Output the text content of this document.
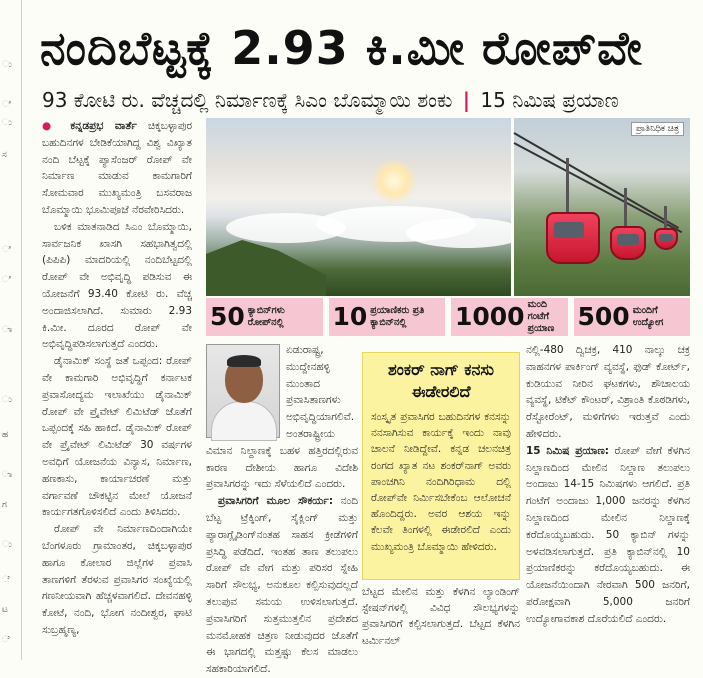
ು
ಿ
ು
ಸ
ಿ
ಿ
ಾ
ು
ಹ
ಾ
ಗ
ು
ೆ
ಟ
ೆ
ನಂದಿಬೆಟ್ಟಕ್ಕೆ 2.93 ಕಿ.ಮೀ ರೋಪ್‌ವೇ
93 ಕೋಟಿ ರು. ವೆಚ್ಚದಲ್ಲಿ ನಿರ್ಮಾಣಕ್ಕೆ ಸಿಎಂ ಬೊಮ್ಮಾಯಿ ಶಂಕು | 15 ನಿಮಿಷ ಪ್ರಯಾಣ

● ಕನ್ನಡಪ್ರಭ ವಾರ್ತೆ ಚಿಕ್ಕಬಳ್ಳಾಪುರ ಬಹುದಿನಗಳ ಬೇಡಿಕೆಯಾಗಿದ್ದ ವಿಶ್ವ ವಿಖ್ಯಾತ ನಂದಿ ಬೆಟ್ಟಕ್ಕೆ ಪ್ಯಾಸೆಂಜರ್ ರೋಪ್ ವೇ ನಿರ್ಮಾಣ ಮಾಡುವ ಕಾಮಗಾರಿಗೆ ಸೋಮವಾರ ಮುಖ್ಯಮಂತ್ರಿ ಬಸವರಾಜ ಬೊಮ್ಮಾಯಿ ಭೂಮಿಪೂಜೆ ನೆರವೇರಿಸಿದರು.

ಬಳಿಕ ಮಾತನಾಡಿದ ಸಿಎಂ ಬೊಮ್ಮಾಯಿ, ಸಾರ್ವಜನಿಕ ಖಾಸಗಿ ಸಹಭಾಗಿತ್ವದಲ್ಲಿ (ಪಿಪಿಪಿ) ಮಾದರಿಯಲ್ಲಿ ನಂದಿಬೆಟ್ಟದಲ್ಲಿ ರೋಪ್ ವೇ ಅಭಿವೃದ್ಧಿ ಪಡಿಸುವ ಈ ಯೋಜನೆಗೆ 93.40 ಕೋಟಿ ರು. ವೆಚ್ಚ ಅಂದಾಜಿಸಲಾಗಿದೆ. ಸುಮಾರು 2.93 ಕಿ.ಮೀ. ದೂರದ ರೋಪ್ ವೇ ಅಭಿವೃದ್ಧಿಪಡಿಸಲಾಗುತ್ತದೆ ಎಂದರು.

ಡೈನಾಮಿಕ್ ಸಂಸ್ಥೆ ಜತೆ ಒಪ್ಪಂದ: ರೋಪ್ ವೇ ಕಾಮಗಾರಿ ಅಭಿವೃದ್ಧಿಗೆ ಕರ್ನಾಟಕ ಪ್ರವಾಸೋದ್ಯಮ ಇಲಾಖೆಯು ಡೈನಾಮಿಕ್ ರೋಪ್ ವೇ ಪ್ರೈವೇಟ್ ಲಿಮಿಟೆಡ್ ಜೊತೆಗೆ ಒಪ್ಪಂದಕ್ಕೆ ಸಹಿ ಹಾಕಿದೆ. ಡೈನಾಮಿಕ್ ರೋಪ್ ವೇ ಪ್ರೈವೇಟ್ ಲಿಮಿಟೆಡ್ 30 ವರ್ಷಗಳ ಅವಧಿಗೆ ಯೋಜನೆಯ ವಿನ್ಯಾಸ, ನಿರ್ಮಾಣ, ಹಣಕಾಸು, ಕಾರ್ಯಾಚರಣೆ ಮತ್ತು ವರ್ಗಾವಣೆ ಚೌಕಟ್ಟಿನ ಮೇಲೆ ಯೋಜನೆ ಕಾರ್ಯಗತಗೊಳಿಸಲಿದೆ ಎಂದು ತಿಳಿಸಿದರು.

ರೋಪ್ ವೇ ನಿರ್ಮಾಣದಿಂದಾಗಿಯೇ ಬೆಂಗಳೂರು ಗ್ರಾಮಾಂತರ, ಚಿಕ್ಕಬಳ್ಳಾಪುರ ಹಾಗೂ ಕೋಲಾರ ಜಿಲ್ಲೆಗಳ ಪ್ರವಾಸಿ ತಾಣಗಳಿಗೆ ತೆರಳುವ ಪ್ರವಾಸಿಗರ ಸಂಖ್ಯೆಯಲ್ಲಿ ಗಣನೀಯವಾಗಿ ಹೆಚ್ಚಳವಾಗಲಿದೆ. ದೇವನಹಳ್ಳಿ ಕೋಟೆ, ನಂದಿ, ಭೋಗ ನಂದೀಶ್ವರ, ಘಾಟಿ ಸುಬ್ರಹ್ಮಣ್ಯ,

ಪ್ರಾತಿನಿಧಿಕ ಚಿತ್ರ
50 ಕ್ಯಾಬಿನ್‌ಗಳು ರೋಪ್‌ನಲ್ಲಿ	10 ಪ್ರಯಾಣಿಕರು ಪ್ರತಿ ಕ್ಯಾಬಿನ್‌ನಲ್ಲಿ	1000 ಮಂದಿ ಗಂಟೆಗೆ ಪ್ರಯಾಣ 500 ಮಂದಿಗೆ ಉದ್ಯೋಗ

ಏಡುರಾಷ್ಟ್ರ, ಮುದ್ದೇನಹಳ್ಳಿ ಮುಂತಾದ ಪ್ರವಾಸಿತಾಣಗಳು ಅಭಿವೃದ್ಧಿಯಾಗಲಿವೆ. ಅಂತರಾಷ್ಟ್ರೀಯ ವಿಮಾನ ನಿಲ್ದಾಣಕ್ಕೆ ಬಹಳ ಹತ್ತಿರದಲ್ಲಿರುವ ಕಾರಣ ದೇಶೀಯ ಹಾಗೂ ವಿದೇಶಿ ಪ್ರವಾಸಿಗರನ್ನು ಇದು ಸೆಳೆಯಲಿದೆ ಎಂದರು.

ಪ್ರವಾಸಿಗರಿಗೆ ಮೂಲ ಸೌಕರ್ಯ: ನಂದಿ ಬೆಟ್ಟ ಟ್ರೆಕ್ಕಿಂಗ್, ಸೈಕ್ಲಿಂಗ್ ಮತ್ತು ಪ್ಯಾರಾಗ್ಲೈಡಿಂಗ್‌ನಂತಹ ಸಾಹಸ ಕ್ರೀಡೆಗಳಿಗೆ ಪ್ರಸಿದ್ಧಿ ಪಡೆದಿದೆ. ಇಂತಹ ತಾಣ ತಲುಪಲು ರೋಪ್ ವೇ ವೇಗ ಮತ್ತು ಪರಿಸರ ಸ್ನೇಹಿ ಸಾರಿಗೆ ಸೌಲಭ್ಯ, ಅನುಕೂಲ ಕಲ್ಪಿಸುವುದಲ್ಲದೆ ತಲುಪುವ ಸಮಯ ಉಳಿಸಲಾಗುತ್ತದೆ. ಪ್ರವಾಸಿಗರಿಗೆ ಸುತ್ತಮುತ್ತಲಿನ ಪ್ರದೇಶದ ಮನಮೋಹಕ ಚಿತ್ರಣ ನೀಡುವುದರ ಜೊತೆಗೆ ಈ ಭಾಗದಲ್ಲಿ ಮತ್ತಷ್ಟು ಕೆಲಸ ಮಾಡಲು ಸಹಕಾರಿಯಾಗಲಿದೆ.

ಶಂಕರ್ ನಾಗ್ ಕನಸು ಈಡೇರಲಿದೆ

ಸಂಸ್ಕೃತ ಪ್ರವಾಸಿಗರ ಬಹುದಿನಗಳ ಕನಸನ್ನು ನನಸಾಗಿಸುವ ಕಾರ್ಯಕ್ಕೆ ಇಂದು ನಾವು ಚಾಲನೆ ನೀಡಿದ್ದೇವೆ. ಕನ್ನಡ ಚಲನಚಿತ್ರ ರಂಗದ ಖ್ಯಾತ ನಟ ಶಂಕರ್‌ನಾಗ್ ಅವರು ಪಾಂಚಗಿನಿ ನಂದಿಗಿರಿಧಾಮ ದಲ್ಲಿ ರೋಪ್‌ವೇ ನಿರ್ಮಿಸಬೇಕೆಂಬ ಆಲೋಚನೆ ಹೊಂದಿದ್ದರು. ಅವರ ಆಶಯ ಇನ್ನು ಕೆಲವೇ ತಿಂಗಳಲ್ಲಿ ಈಡೇರಲಿದೆ ಎಂದು ಮುಖ್ಯಮಂತ್ರಿ ಬೊಮ್ಮಾಯಿ ಹೇಳಿದರು.

ಬೆಟ್ಟದ ಮೇಲಿನ ಮತ್ತು ಕೆಳಗಿನ ಲ್ಯಾಂಡಿಂಗ್ ಸ್ಟೇಷನ್‌ಗಳಲ್ಲಿ ವಿವಿಧ ಸೌಲಭ್ಯಗಳನ್ನು ಪ್ರವಾಸಿಗರಿಗೆ ಕಲ್ಪಿಸಲಾಗುತ್ತದೆ. ಬೆಟ್ಟದ ಕೆಳಗಿನ ಟರ್ಮಿನಲ್

ನಲ್ಲಿ-480 ದ್ವಿಚಕ್ರ, 410 ನಾಲ್ಕು ಚಕ್ರ ವಾಹನಗಳ ಪಾರ್ಕಿಂಗ್ ವ್ಯವಸ್ಥೆ, ಫುಡ್ ಕೋರ್ಟ್, ಕುಡಿಯುವ ನೀರಿನ ಘಟಕಗಳು, ಶೌಚಾಲಯ ವ್ಯವಸ್ಥೆ, ಟಿಕೆಟ್ ಕೌಂಟರ್, ವಿಶ್ರಾಂತಿ ಕೊಠಡಿಗಳು, ರೆಸ್ಟೋರೆಂಟ್, ಮಳಿಗೆಗಳು ಇರುತ್ತವೆ ಎಂದು ಹೇಳಿದರು.

15 ನಿಮಿಷ ಪ್ರಯಾಣ: ರೋಪ್ ವೇಗೆ ಕೆಳಗಿನ ನಿಲ್ದಾಣದಿಂದ ಮೇಲಿನ ನಿಲ್ದಾಣ ತಲುಪಲು ಅಂದಾಜು 14-15 ನಿಮಿಷಗಳು ಆಗಲಿದೆ. ಪ್ರತಿ ಗಂಟೆಗೆ ಅಂದಾಜು 1,000 ಜನರನ್ನು ಕೆಳಗಿನ ನಿಲ್ದಾಣದಿಂದ ಮೇಲಿನ ನಿಲ್ದಾಣಕ್ಕೆ ಕರೆದೊಯ್ಯಬಹುದು. 50 ಕ್ಯಾಬಿನ್ ಗಳನ್ನು ಅಳವಡಿಸಲಾಗುತ್ತದೆ. ಪ್ರತಿ ಕ್ಯಾಬಿನ್‌ನಲ್ಲಿ 10 ಪ್ರಯಾಣಿಕರನ್ನು ಕರೆದೊಯ್ಯಬಹುದು. ಈ ಯೋಜನೆಯಿಂದಾಗಿ ನೇರವಾಗಿ 500 ಜನರಿಗೆ, ಪರೋಕ್ಷವಾಗಿ 5,000 ಜನರಿಗೆ ಉದ್ಯೋಗಾವಕಾಶ ದೊರೆಯಲಿದೆ ಎಂದರು.
